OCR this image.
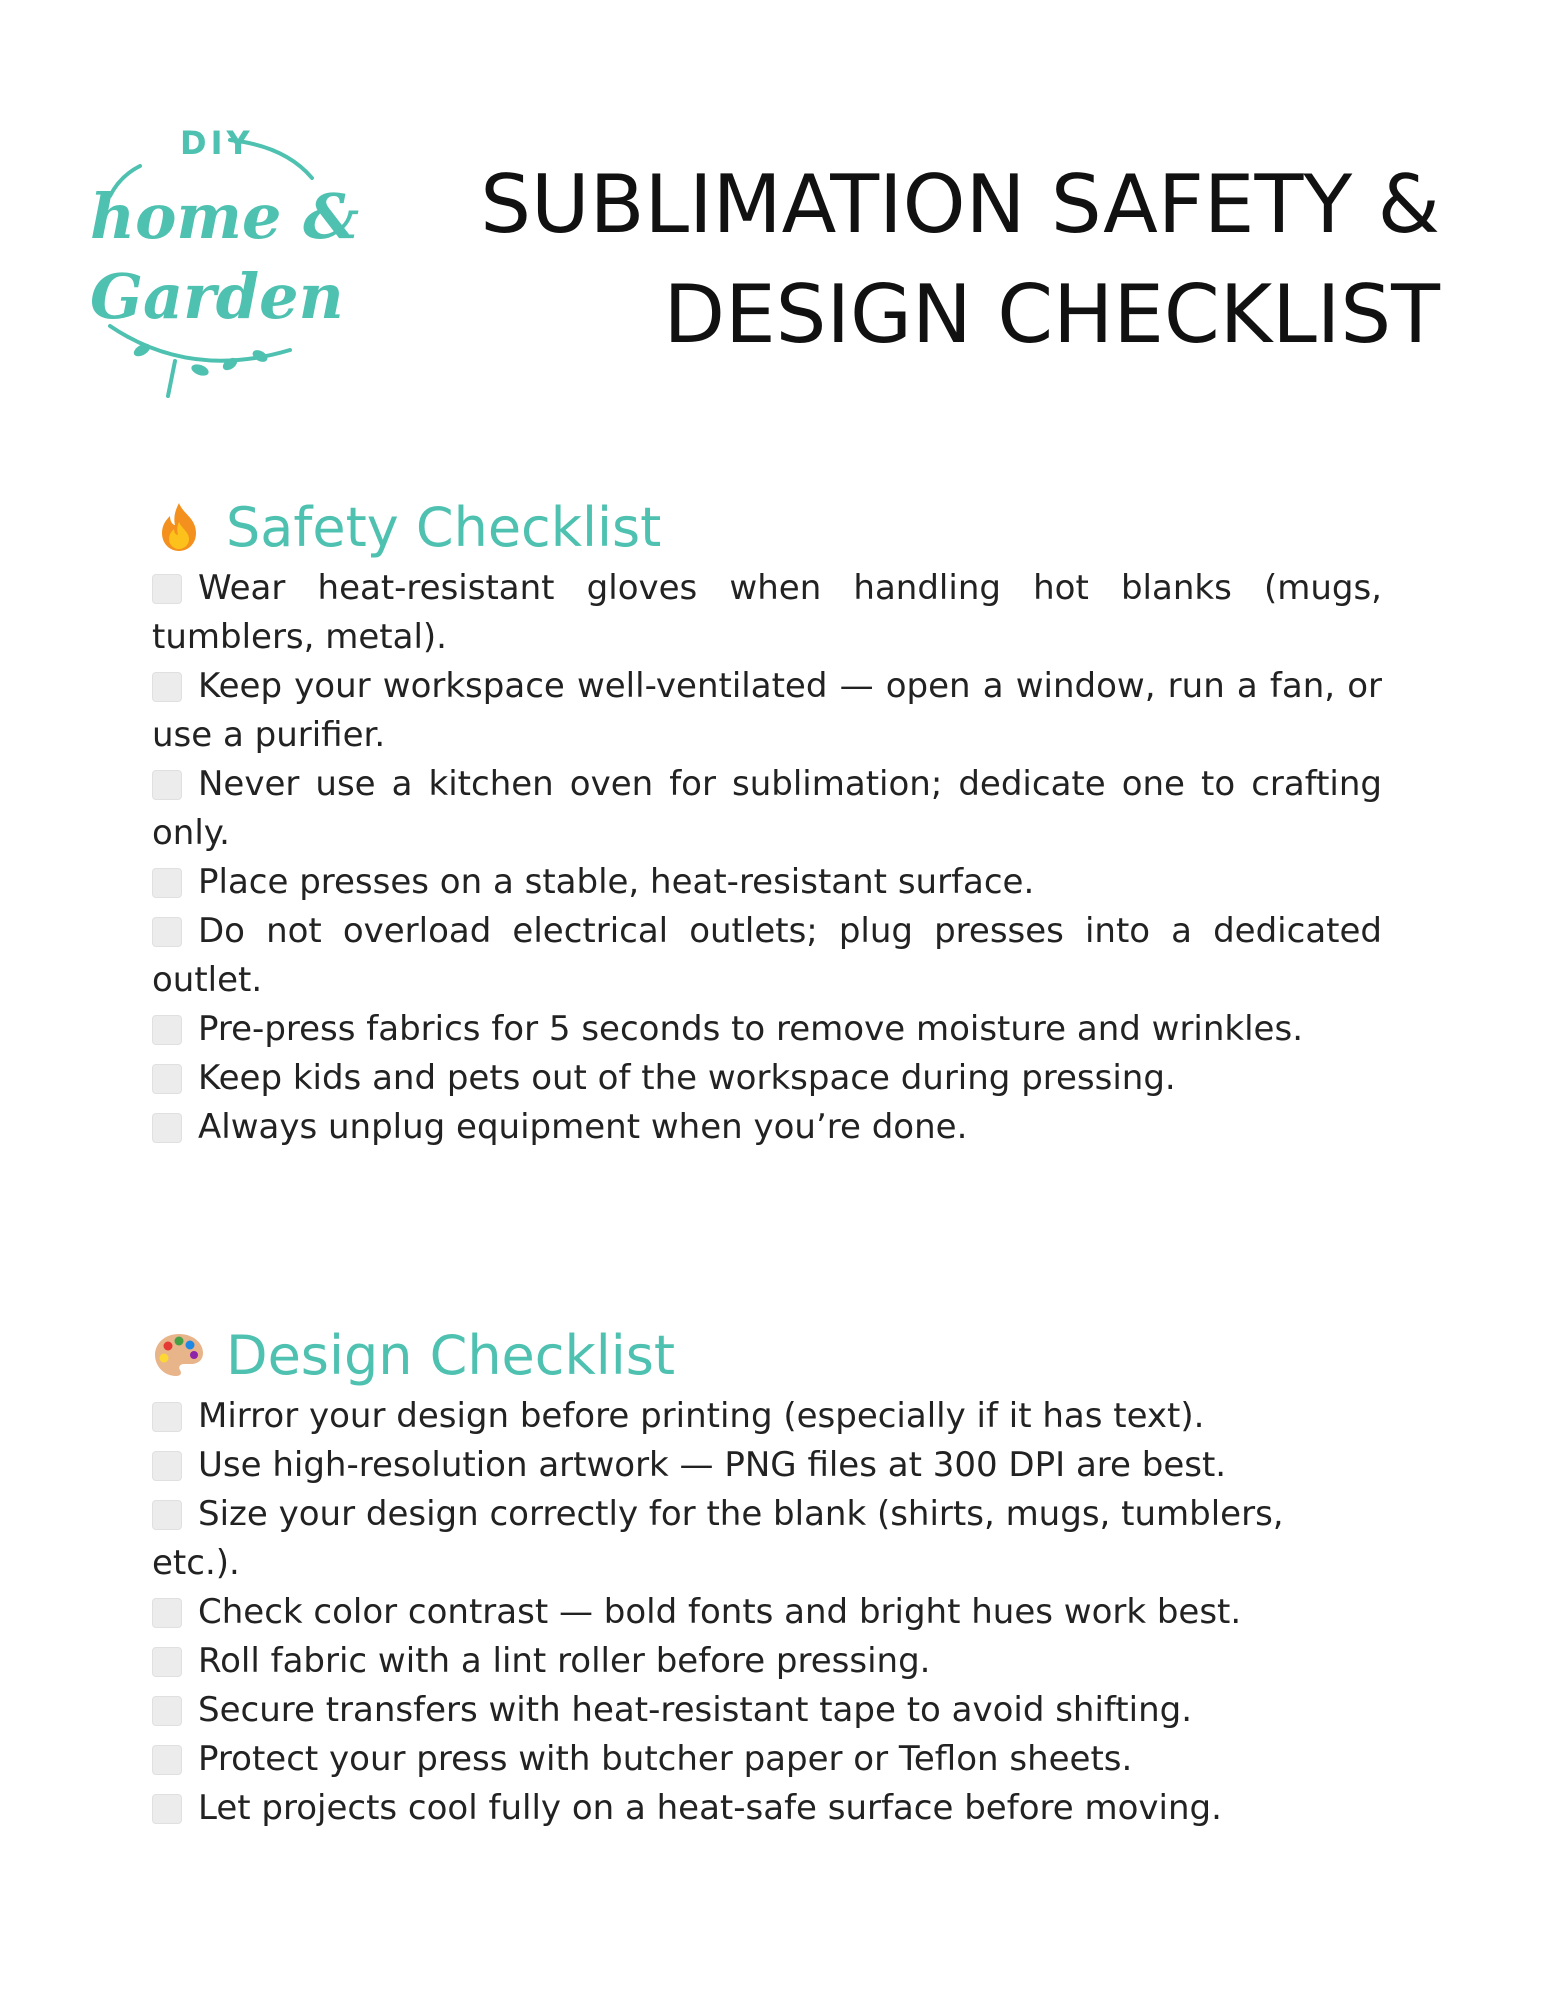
DIY
home &
Garden
SUBLIMATION SAFETY &
DESIGN CHECKLIST
Safety Checklist
Wear heat-resistant gloves when handling hot blanks (mugs, tumblers, metal).
Keep your workspace well-ventilated — open a window, run a fan, or use a purifier.
Never use a kitchen oven for sublimation; dedicate one to crafting only.
Place presses on a stable, heat-resistant surface.
Do not overload electrical outlets; plug presses into a dedicated outlet.
Pre-press fabrics for 5 seconds to remove moisture and wrinkles.
Keep kids and pets out of the workspace during pressing.
Always unplug equipment when you’re done.
Design Checklist
Mirror your design before printing (especially if it has text).
Use high-resolution artwork — PNG files at 300 DPI are best.
Size your design correctly for the blank (shirts, mugs, tumblers, etc.).
Check color contrast — bold fonts and bright hues work best.
Roll fabric with a lint roller before pressing.
Secure transfers with heat-resistant tape to avoid shifting.
Protect your press with butcher paper or Teflon sheets.
Let projects cool fully on a heat-safe surface before moving.
